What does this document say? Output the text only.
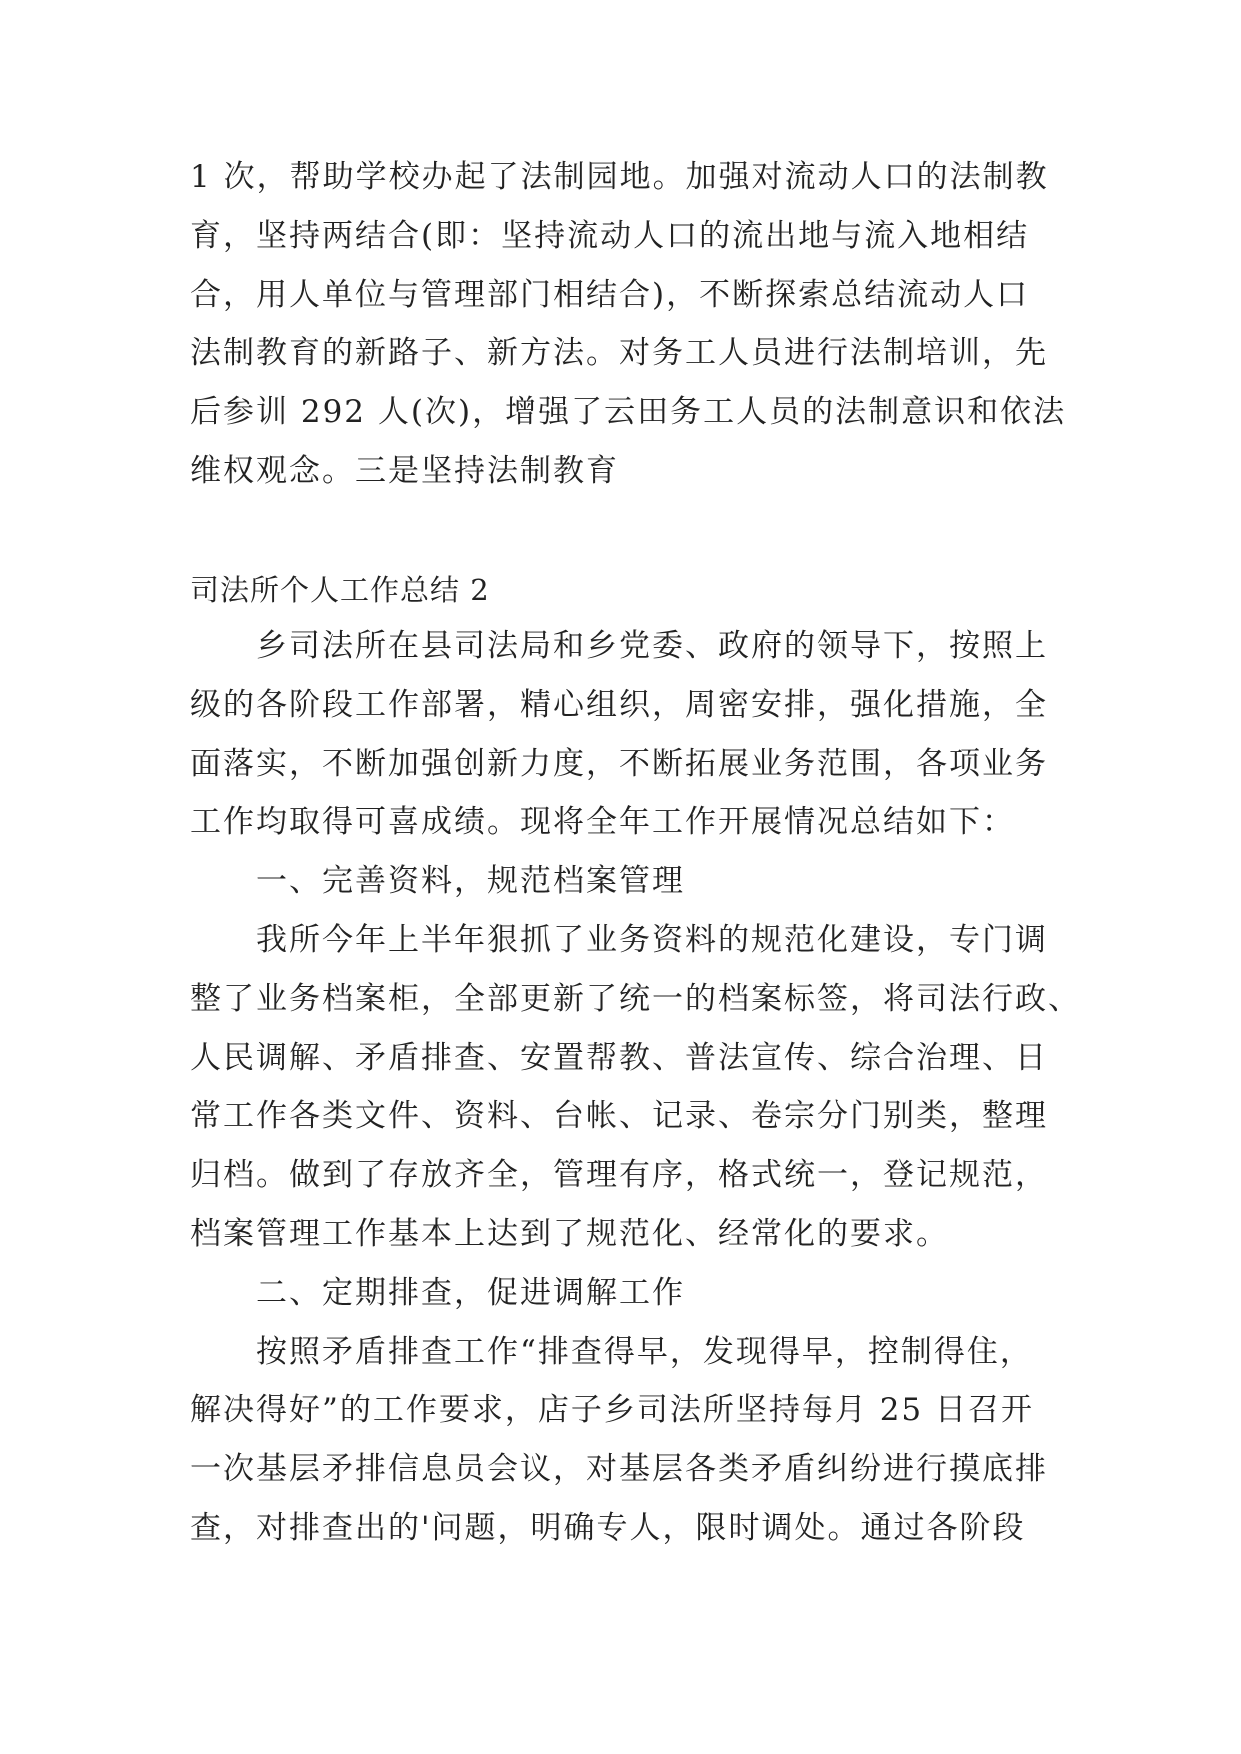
1 次，帮助学校办起了法制园地。加强对流动人口的法制教
育，坚持两结合(即：坚持流动人口的流出地与流入地相结
合，用人单位与管理部门相结合)，不断探索总结流动人口
法制教育的新路子、新方法。对务工人员进行法制培训，先
后参训 292 人(次)，增强了云田务工人员的法制意识和依法
维权观念。三是坚持法制教育
司法所个人工作总结 2
乡司法所在县司法局和乡党委、政府的领导下，按照上
级的各阶段工作部署，精心组织，周密安排，强化措施，全
面落实，不断加强创新力度，不断拓展业务范围，各项业务
工作均取得可喜成绩。现将全年工作开展情况总结如下：
一、完善资料，规范档案管理
我所今年上半年狠抓了业务资料的规范化建设，专门调
整了业务档案柜，全部更新了统一的档案标签，将司法行政、
人民调解、矛盾排查、安置帮教、普法宣传、综合治理、日
常工作各类文件、资料、台帐、记录、卷宗分门别类，整理
归档。做到了存放齐全，管理有序，格式统一，登记规范，
档案管理工作基本上达到了规范化、经常化的要求。
二、定期排查，促进调解工作
按照矛盾排查工作“排查得早，发现得早，控制得住，
解决得好”的工作要求，店子乡司法所坚持每月 25 日召开
一次基层矛排信息员会议，对基层各类矛盾纠纷进行摸底排
查，对排查出的'问题，明确专人，限时调处。通过各阶段
